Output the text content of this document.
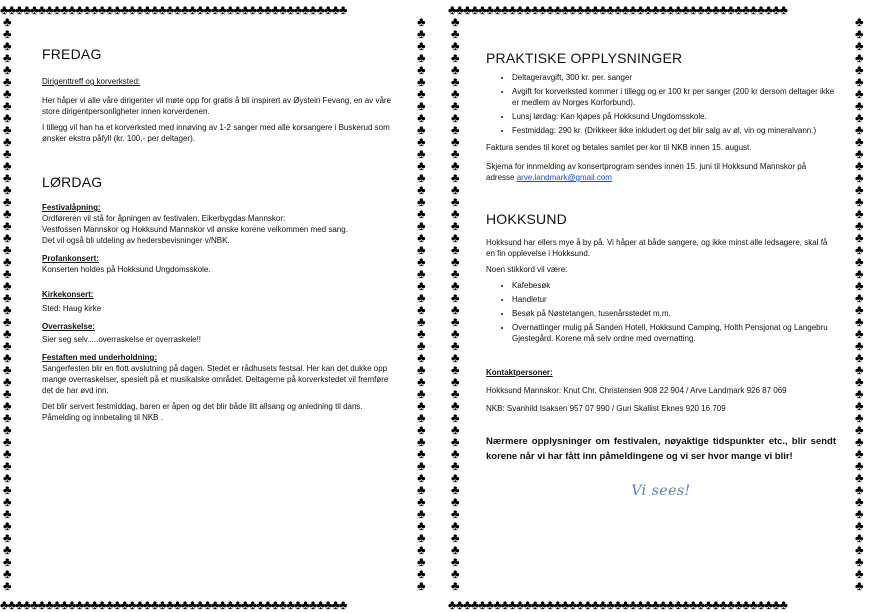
♣♣♣♣♣♣♣♣♣♣♣♣♣♣♣♣♣♣♣♣♣♣♣♣♣♣♣♣♣♣♣♣♣♣♣♣♣♣♣♣♣♣♣♣♣♣
♣♣♣♣♣♣♣♣♣♣♣♣♣♣♣♣♣♣♣♣♣♣♣♣♣♣♣♣♣♣♣♣♣♣♣♣♣♣♣♣♣♣♣♣♣♣
♣♣♣♣♣♣♣♣♣♣♣♣♣♣♣♣♣♣♣♣♣♣♣♣♣♣♣♣♣♣♣♣♣♣♣♣♣♣♣♣♣♣♣♣♣♣♣♣
♣♣♣♣♣♣♣♣♣♣♣♣♣♣♣♣♣♣♣♣♣♣♣♣♣♣♣♣♣♣♣♣♣♣♣♣♣♣♣♣♣♣♣♣♣♣♣♣
FREDAG

Dirigenttreff og korverksted:

Her håper vi alle våre dirigenter vil møte opp for gratis å bli inspirert av Øystein Fevang, en av våre store dirigentpersonligheter innen korverdenen.

I tillegg vil han ha et korverksted med innøving av 1-2 sanger med alle korsangere i Buskerud som ønsker ekstra påfyll (kr. 100,- per deltager).

LØRDAG

Festivalåpning:

Ordføreren vil stå for åpningen av festivalen. Eikerbygdas Mannskor:

Vestfossen Mannskor og Hokksund Mannskor vil ønske korene velkommen med sang.

Det vil også bli utdeling av hedersbevisninger v/NBK.

Profankonsert:

Konserten holdes på Hokksund Ungdomsskole.

Kirkekonsert:

Sted: Haug kirke

Overraskelse:

Sier seg selv.....overraskelse er overraskele!!

Festaften med underholdning:

Sangerfesten blir en flott avslutning på dagen. Stedet er rådhusets festsal. Her kan det dukke opp mange overraskelser, spesielt på et musikalske området. Deltagerne på korverkstedet vil fremføre det de har øvd inn.

Det blir servert festmiddag, baren er åpen og det blir både litt allsang og anledning til dans. Påmelding og innbetaling til NKB .

♣♣♣♣♣♣♣♣♣♣♣♣♣♣♣♣♣♣♣♣♣♣♣♣♣♣♣♣♣♣♣♣♣♣♣♣♣♣♣♣♣♣♣♣♣
♣♣♣♣♣♣♣♣♣♣♣♣♣♣♣♣♣♣♣♣♣♣♣♣♣♣♣♣♣♣♣♣♣♣♣♣♣♣♣♣♣♣♣♣♣
♣♣♣♣♣♣♣♣♣♣♣♣♣♣♣♣♣♣♣♣♣♣♣♣♣♣♣♣♣♣♣♣♣♣♣♣♣♣♣♣♣♣♣♣♣♣♣♣
♣♣♣♣♣♣♣♣♣♣♣♣♣♣♣♣♣♣♣♣♣♣♣♣♣♣♣♣♣♣♣♣♣♣♣♣♣♣♣♣♣♣♣♣♣♣♣♣
PRAKTISKE OPPLYSNINGER
• Deltageravgift, 300 kr. per. sanger
• Avgift for korverksted kommer i tillegg og er 100 kr per sanger (200 kr dersom deltager ikke er medlem av Norges Korforbund).
• Lunsj lørdag: Kan kjøpes på Hokksund Ungdomsskole.
• Festmiddag: 290 kr. (Drikkeer ikke inkludert og det blir salg av øl, vin og mineralvann.)

Faktura sendes til koret og betales samlet per kor til NKB innen 15. august.

Skjema for innmelding av konsertprogram sendes innen 15. juni til Hokksund Mannskor på adresse arve.landmark@gmail.com

HOKKSUND

Hokksund har ellers mye å by på. Vi håper at både sangere, og ikke minst alle ledsagere, skal få en fin opplevelse i Hokksund.

Noen stikkord vil være:

• Kafebesøk
• Handletur
• Besøk på Nøstetangen, tusenårsstedet m.m.
• Overnattinger mulig på Sanden Hotell, Hokksund Camping, Holth Pensjonat og Langebru Gjestegård. Korene må selv ordne med overnatting.

Kontaktpersoner:

Hokksund Mannskor: Knut Chr. Christensen 908 22 904 / Arve Landmark 926 87 069

NKB: Svanhild Isaksen 957 07 990 / Guri Skallist Eknes 920 16 709

Nærmere opplysninger om festivalen, nøyaktige tidspunkter etc., blir sendt korene når vi har fått inn påmeldingene og vi ser hvor mange vi blir!

Vi sees!
